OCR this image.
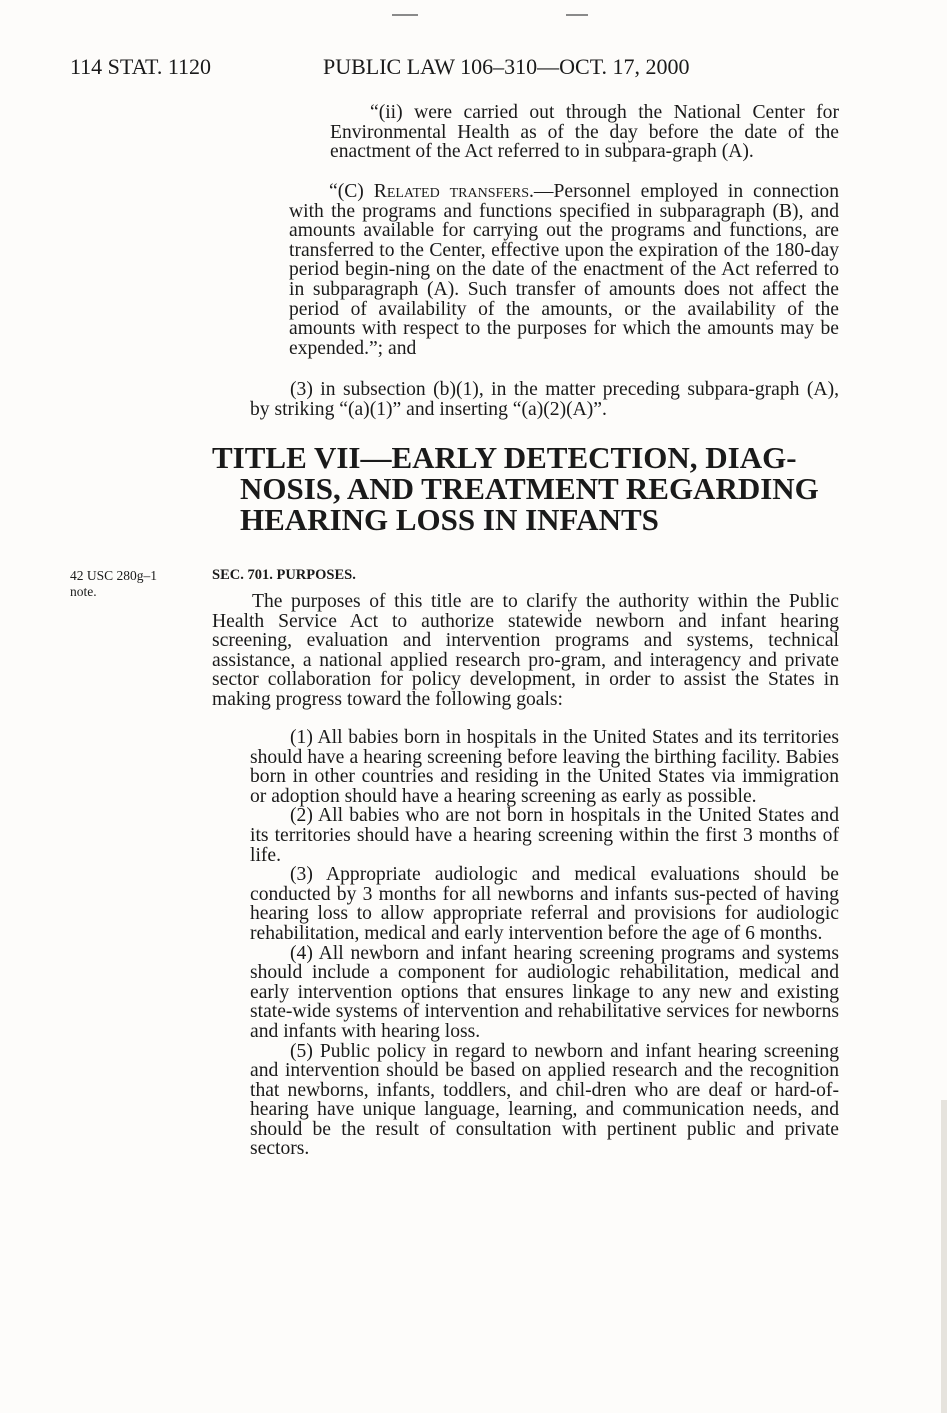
114 STAT. 1120	PUBLIC LAW 106–310—OCT. 17, 2000

“(ii) were carried out through the National Center for Environmental Health as of the day before the date of the enactment of the Act referred to in subpara-graph (A).

“(C) Related transfers.—Personnel employed in connection with the programs and functions specified in subparagraph (B), and amounts available for carrying out the programs and functions, are transferred to the Center, effective upon the expiration of the 180-day period begin-ning on the date of the enactment of the Act referred to in subparagraph (A). Such transfer of amounts does not affect the period of availability of the amounts, or the availability of the amounts with respect to the purposes for which the amounts may be expended.”; and

(3) in subsection (b)(1), in the matter preceding subpara-graph (A), by striking “(a)(1)” and inserting “(a)(2)(A)”.

TITLE VII—EARLY DETECTION, DIAG-
NOSIS, AND TREATMENT REGARDING
HEARING LOSS IN INFANTS
42 USC 280g–1
note.
SEC. 701. PURPOSES.

The purposes of this title are to clarify the authority within the Public Health Service Act to authorize statewide newborn and infant hearing screening, evaluation and intervention programs and systems, technical assistance, a national applied research pro-gram, and interagency and private sector collaboration for policy development, in order to assist the States in making progress toward the following goals:

(1) All babies born in hospitals in the United States and its territories should have a hearing screening before leaving the birthing facility. Babies born in other countries and residing in the United States via immigration or adoption should have a hearing screening as early as possible.

(2) All babies who are not born in hospitals in the United States and its territories should have a hearing screening within the first 3 months of life.

(3) Appropriate audiologic and medical evaluations should be conducted by 3 months for all newborns and infants sus-pected of having hearing loss to allow appropriate referral and provisions for audiologic rehabilitation, medical and early intervention before the age of 6 months.

(4) All newborn and infant hearing screening programs and systems should include a component for audiologic rehabilitation, medical and early intervention options that ensures linkage to any new and existing state-wide systems of intervention and rehabilitative services for newborns and infants with hearing loss.

(5) Public policy in regard to newborn and infant hearing screening and intervention should be based on applied research and the recognition that newborns, infants, toddlers, and chil-dren who are deaf or hard-of-hearing have unique language, learning, and communication needs, and should be the result of consultation with pertinent public and private sectors.
